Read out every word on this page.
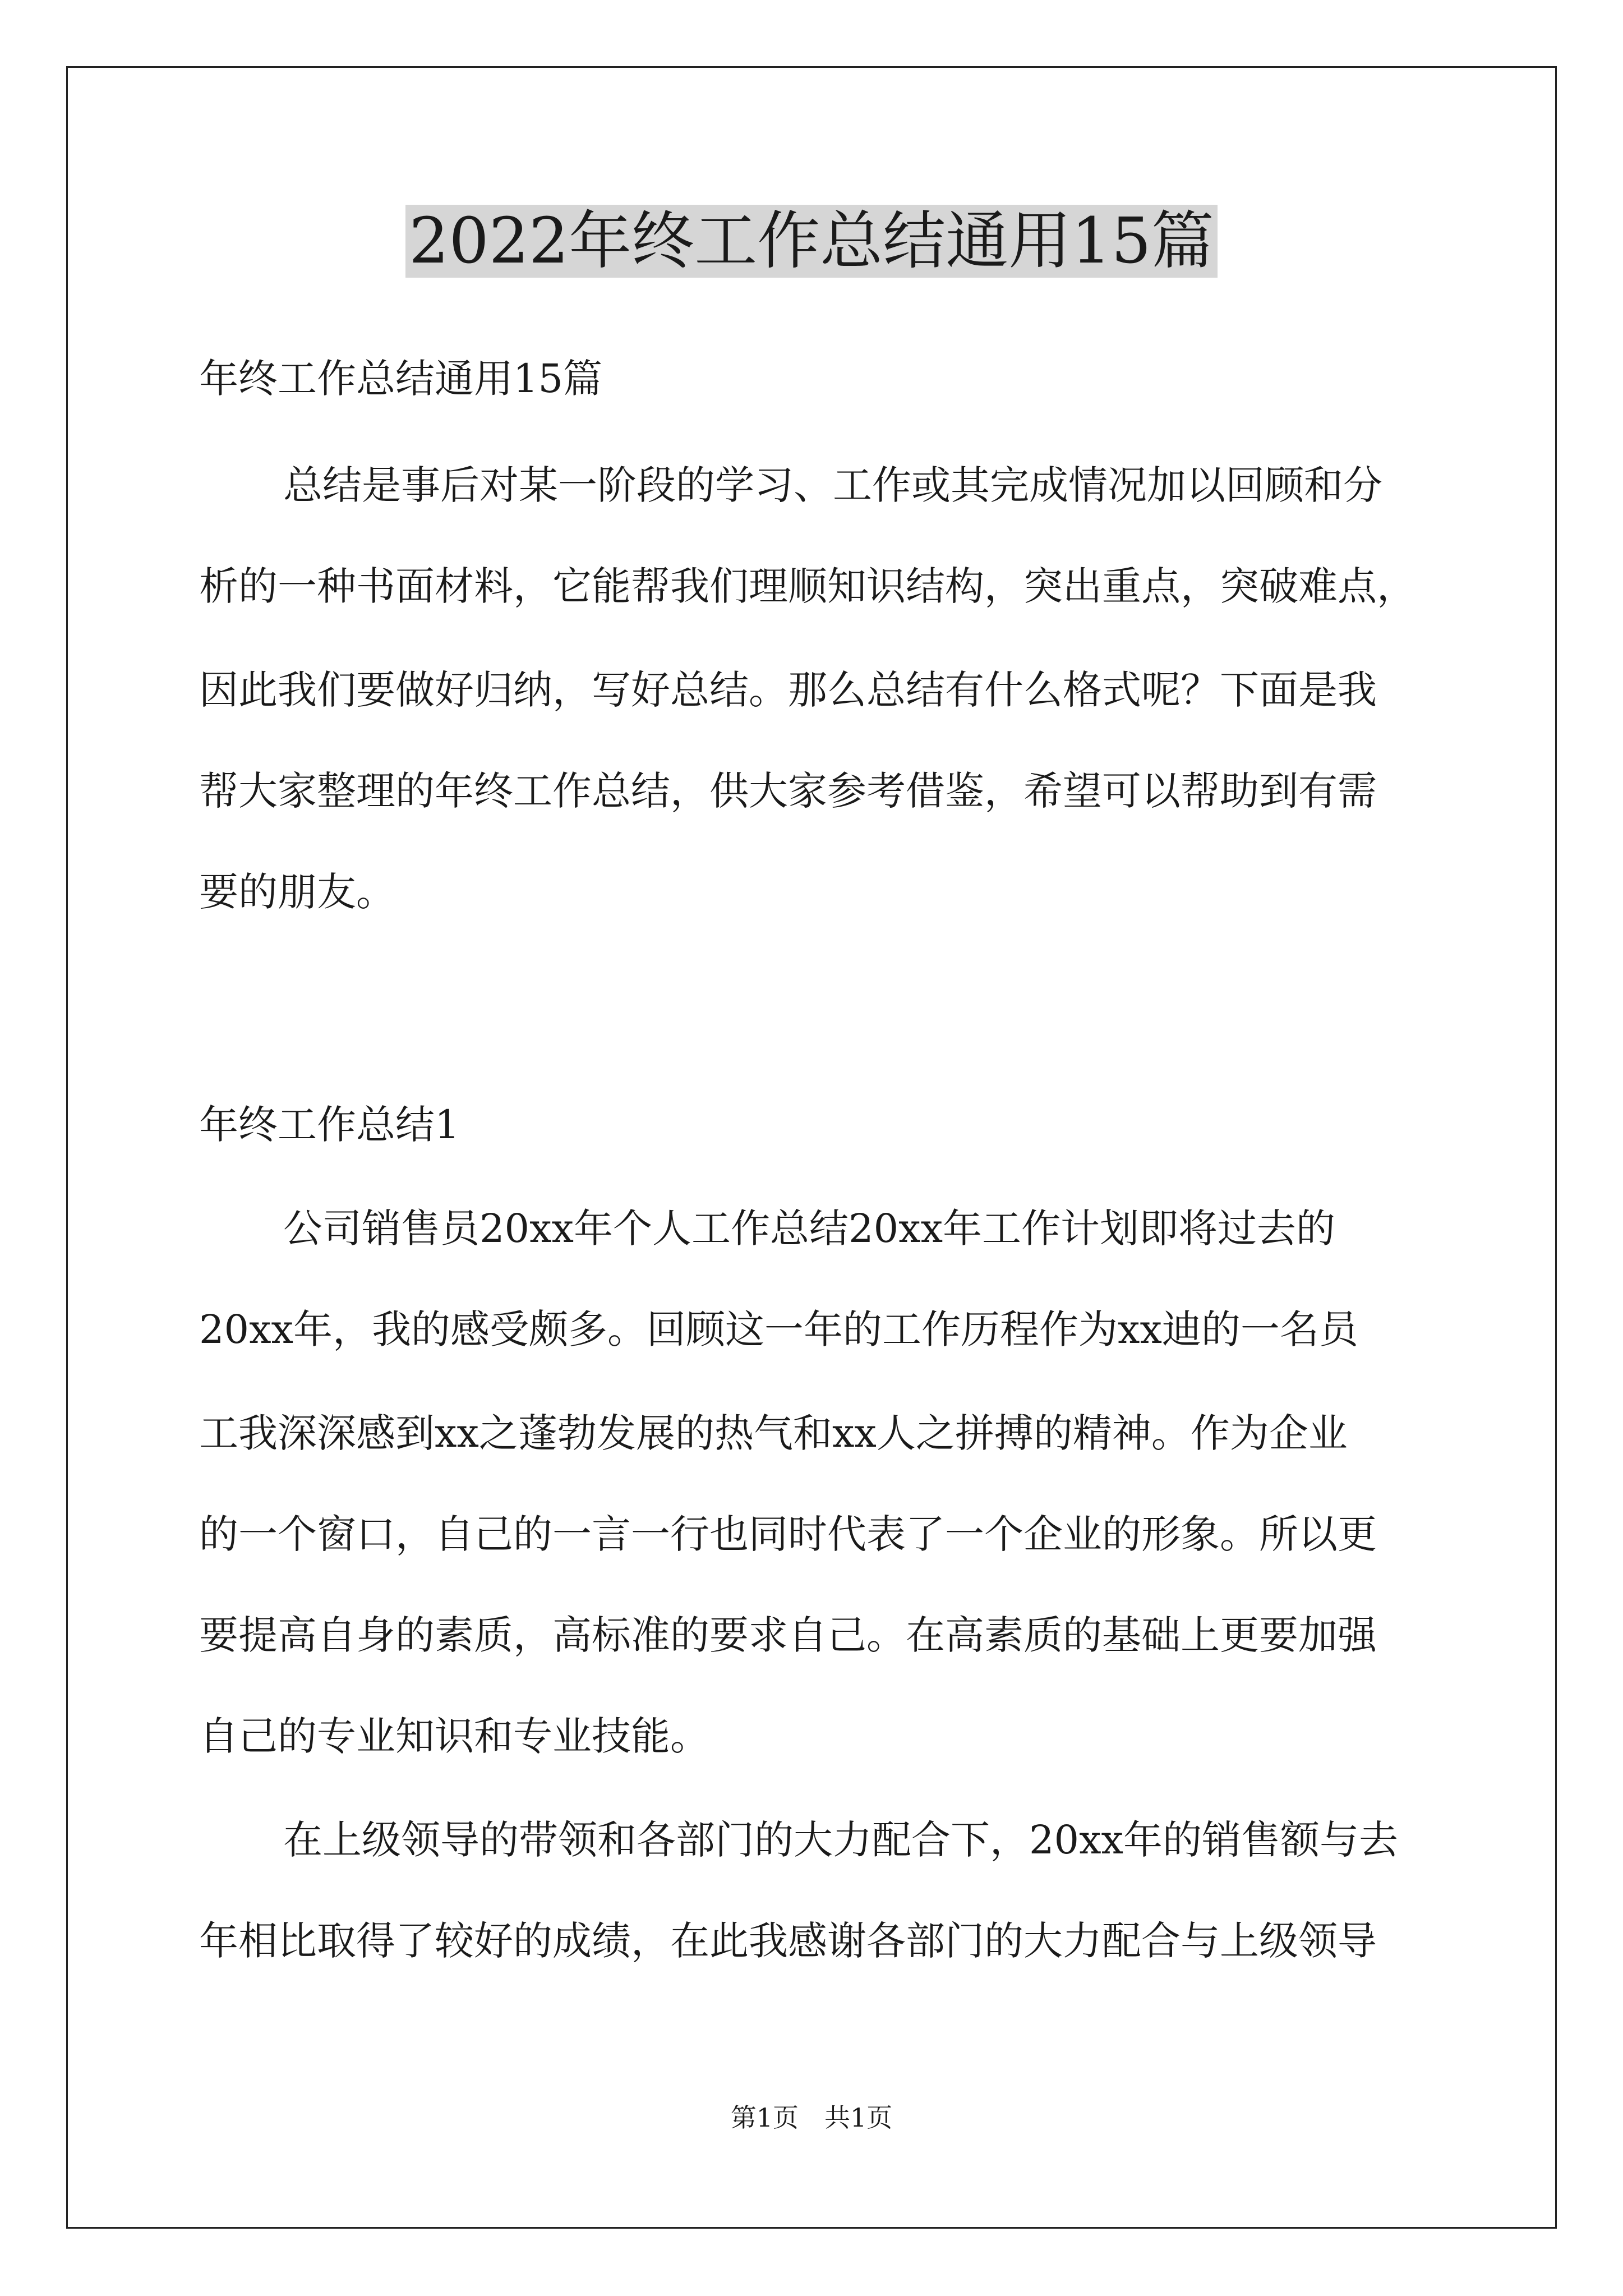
2022年终工作总结通用15篇
年终工作总结通用15篇
总结是事后对某一阶段的学习、工作或其完成情况加以回顾和分
析的一种书面材料，它能帮我们理顺知识结构，突出重点，突破难点，
因此我们要做好归纳，写好总结。那么总结有什么格式呢？下面是我
帮大家整理的年终工作总结，供大家参考借鉴，希望可以帮助到有需
要的朋友。
年终工作总结1
公司销售员20xx年个人工作总结20xx年工作计划即将过去的
20xx年，我的感受颇多。回顾这一年的工作历程作为xx迪的一名员
工我深深感到xx之蓬勃发展的热气和xx人之拼搏的精神。作为企业
的一个窗口，自己的一言一行也同时代表了一个企业的形象。所以更
要提高自身的素质，高标准的要求自己。在高素质的基础上更要加强
自己的专业知识和专业技能。
在上级领导的带领和各部门的大力配合下，20xx年的销售额与去
年相比取得了较好的成绩，在此我感谢各部门的大力配合与上级领导
第1页　共1页
